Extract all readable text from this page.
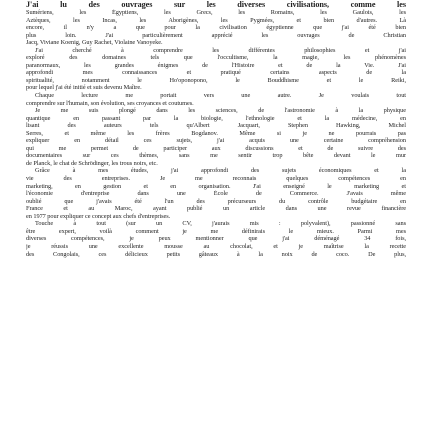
J'ai lu des ouvrages sur les diverses civilisations, comme les
Sumériens, les Égyptiens, les Grecs, les Romains, les Gaulois, les
Aztèques, les Incas, les Aborigènes, les Pygmées, et bien d'autres. Là
encore, il n'y a que pour la civilisation égyptienne que j'ai été bien
plus loin. J'ai particulièrement apprécié les ouvrages de Christian
Jacq, Viviane Koenig, Guy Rachet, Violaine Vanoyeke.

J'ai cherché à comprendre les différentes philosophies et j'ai
exploré des domaines tels que l'occultisme, la magie, les phénomènes
paranormaux, les grandes énigmes de l'Histoire et de la Vie. J'ai
approfondi mes connaissances et pratiqué certains aspects de la
spiritualité, notamment le Ho'oponopono, le Bouddhisme et le Reiki,
pour lequel j'ai été initié et suis devenu Maître.

Chaque lecture me portait vers une autre. Je voulais tout
comprendre sur l'humain, son évolution, ses croyances et coutumes.

Je me suis plongé dans les sciences, de l'astronomie à la physique
quantique en passant par la biologie, l'ethnologie et la médecine, en
lisant des auteurs tels qu'Albert Jacquart, Stephen Hawking, Michel
Serres, et même les frères Bogdanov. Même si je ne pourrais pas
expliquer en détail ces sujets, j'ai acquis une certaine compréhension
qui me permet de participer aux discussions et de suivre des
documentaires sur ces thèmes, sans me sentir trop bête devant le mur
de Planck, le chat de Schrödinger, les trous noirs, etc.

Grâce à mes études, j'ai approfondi des sujets économiques et la
vie des entreprises. Je me reconnais quelques compétences en
marketing, en gestion et en organisation. J'ai enseigné le marketing et
l'économie d'entreprise dans une École de Commerce. J'avais même
oublié que j'avais été l'un des précurseurs du contrôle budgétaire en
France et au Maroc, ayant publié un article dans une revue financière
en 1977 pour expliquer ce concept aux chefs d'entreprises.

Touche à tout (sur un CV, j'aurais mis : polyvalent), passionné sans
être expert, voilà comment je me définirais le mieux. Parmi mes
diverses compétences, je peux mentionner que j'ai déménagé 34 fois,
je réussis une excellente mousse au chocolat, et je maîtrise la recette
des Congolais, ces délicieux petits gâteaux à la noix de coco. De plus,
